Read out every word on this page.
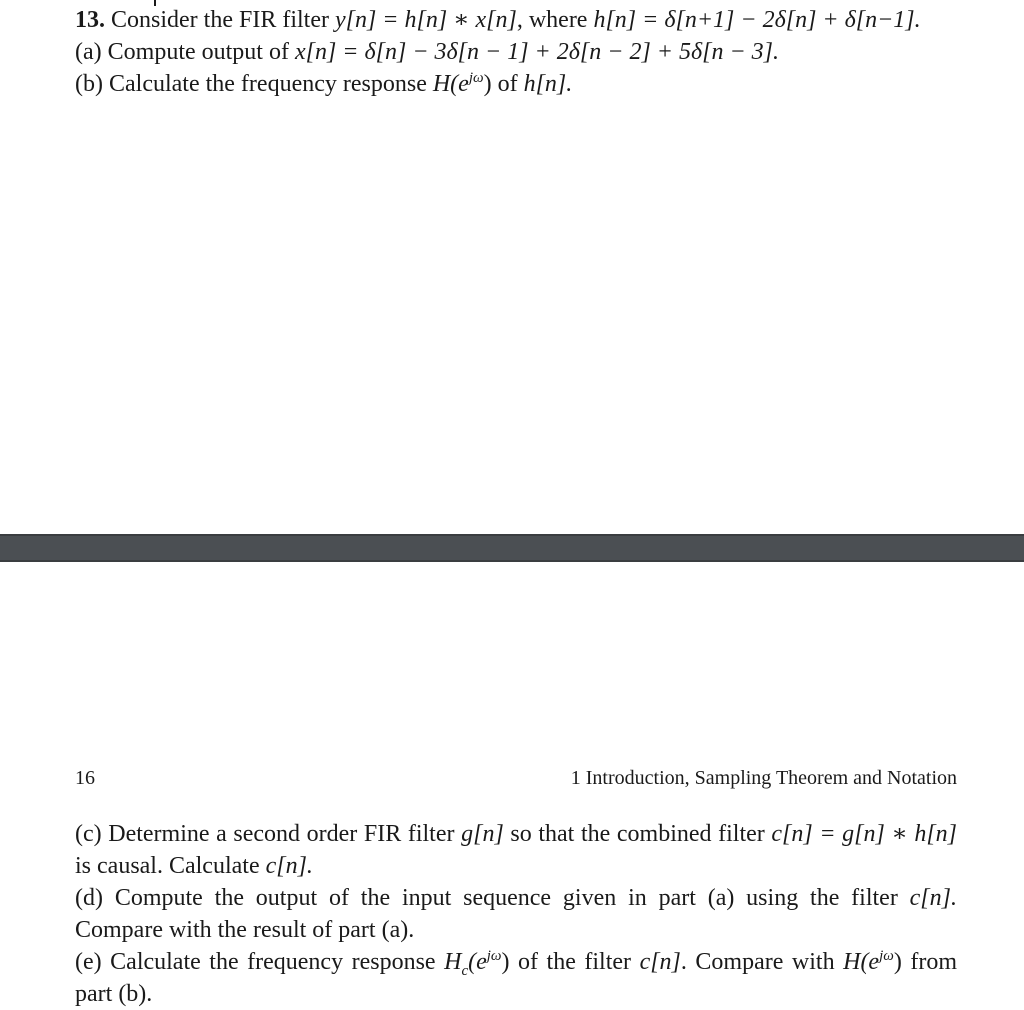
13. Consider the FIR filter y[n] = h[n] ∗ x[n], where h[n] = δ[n+1] − 2δ[n] + δ[n−1].
(a) Compute output of x[n] = δ[n] − 3δ[n − 1] + 2δ[n − 2] + 5δ[n − 3].
(b) Calculate the frequency response $H(e^{j\omega})$ of h[n].
16	1 Introduction, Sampling Theorem and Notation
(c) Determine a second order FIR filter g[n] so that the combined filter c[n] = g[n] ∗ h[n] is causal. Calculate c[n].
(d) Compute the output of the input sequence given in part (a) using the filter c[n]. Compare with the result of part (a).
(e) Calculate the frequency response $H_c(e^{j\omega})$ of the filter c[n]. Compare with $H(e^{j\omega})$ from part (b).
